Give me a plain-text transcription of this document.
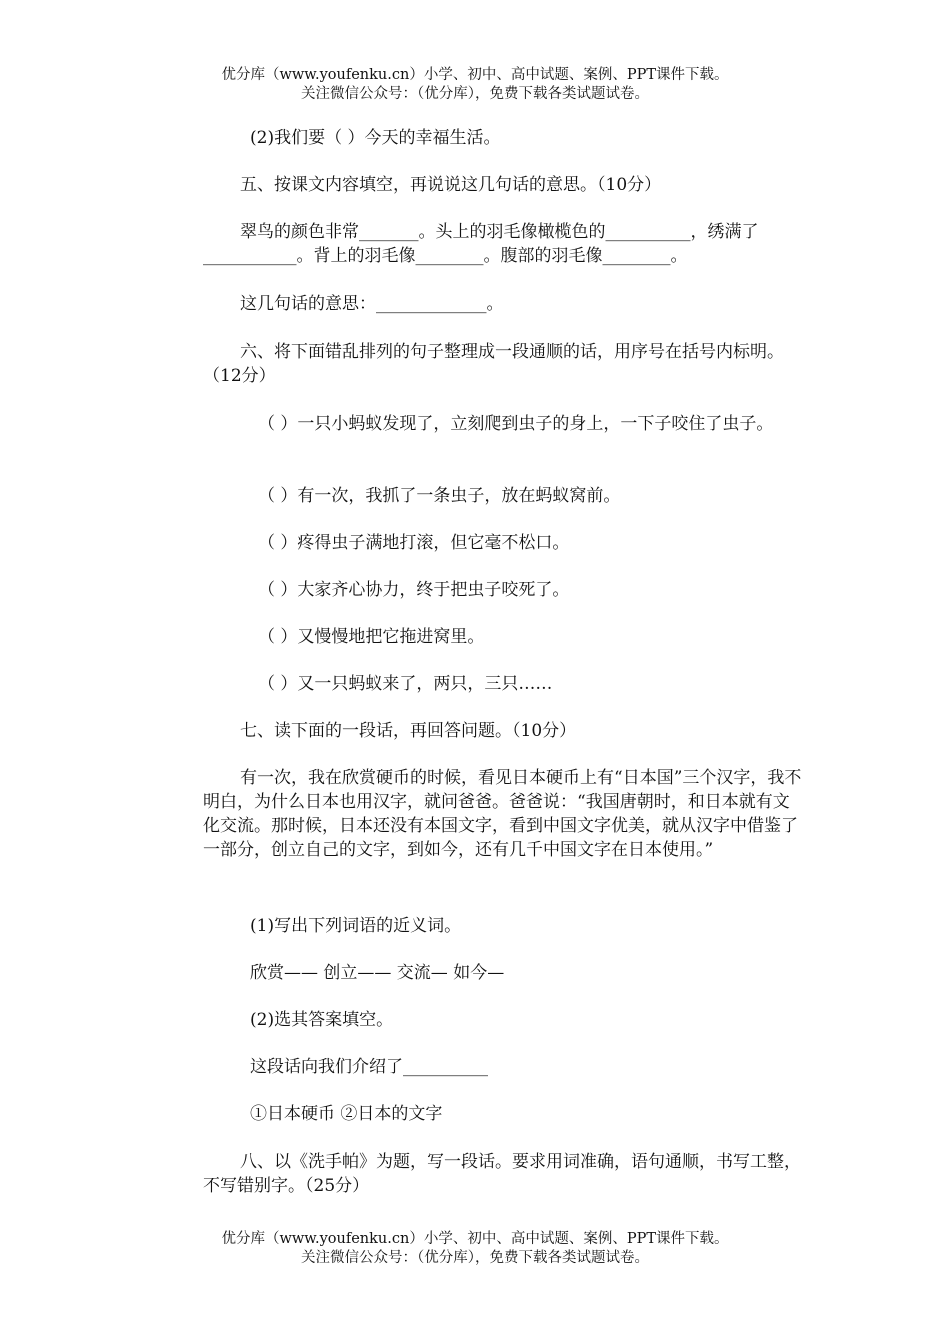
优分库（www.youfenku.cn）小学、初中、高中试题、案例、PPT课件下载。
关注微信公众号：（优分库），免费下载各类试题试卷。
(2)我们要（ ）今天的幸福生活。
五、按课文内容填空，再说说这几句话的意思。（10分）
翠鸟的颜色非常_______。头上的羽毛像橄榄色的__________，绣满了___________。背上的羽毛像________。腹部的羽毛像________。
这几句话的意思：_____________。
六、将下面错乱排列的句子整理成一段通顺的话，用序号在括号内标明。（12分）
（ ）一只小蚂蚁发现了，立刻爬到虫子的身上，一下子咬住了虫子。
（ ）有一次，我抓了一条虫子，放在蚂蚁窝前。
（ ）疼得虫子满地打滚，但它毫不松口。
（ ）大家齐心协力，终于把虫子咬死了。
（ ）又慢慢地把它拖进窝里。
（ ）又一只蚂蚁来了，两只，三只……
七、读下面的一段话，再回答问题。（10分）
有一次，我在欣赏硬币的时候，看见日本硬币上有“日本国”三个汉字，我不明白，为什么日本也用汉字，就问爸爸。爸爸说：“我国唐朝时，和日本就有文化交流。那时候，日本还没有本国文字，看到中国文字优美，就从汉字中借鉴了一部分，创立自己的文字，到如今，还有几千中国文字在日本使用。”
(1)写出下列词语的近义词。
欣赏—— 创立—— 交流— 如今—
(2)选其答案填空。
这段话向我们介绍了__________
①日本硬币 ②日本的文字
八、以《洗手帕》为题，写一段话。要求用词准确，语句通顺，书写工整，不写错别字。（25分）
优分库（www.youfenku.cn）小学、初中、高中试题、案例、PPT课件下载。
关注微信公众号：（优分库），免费下载各类试题试卷。
